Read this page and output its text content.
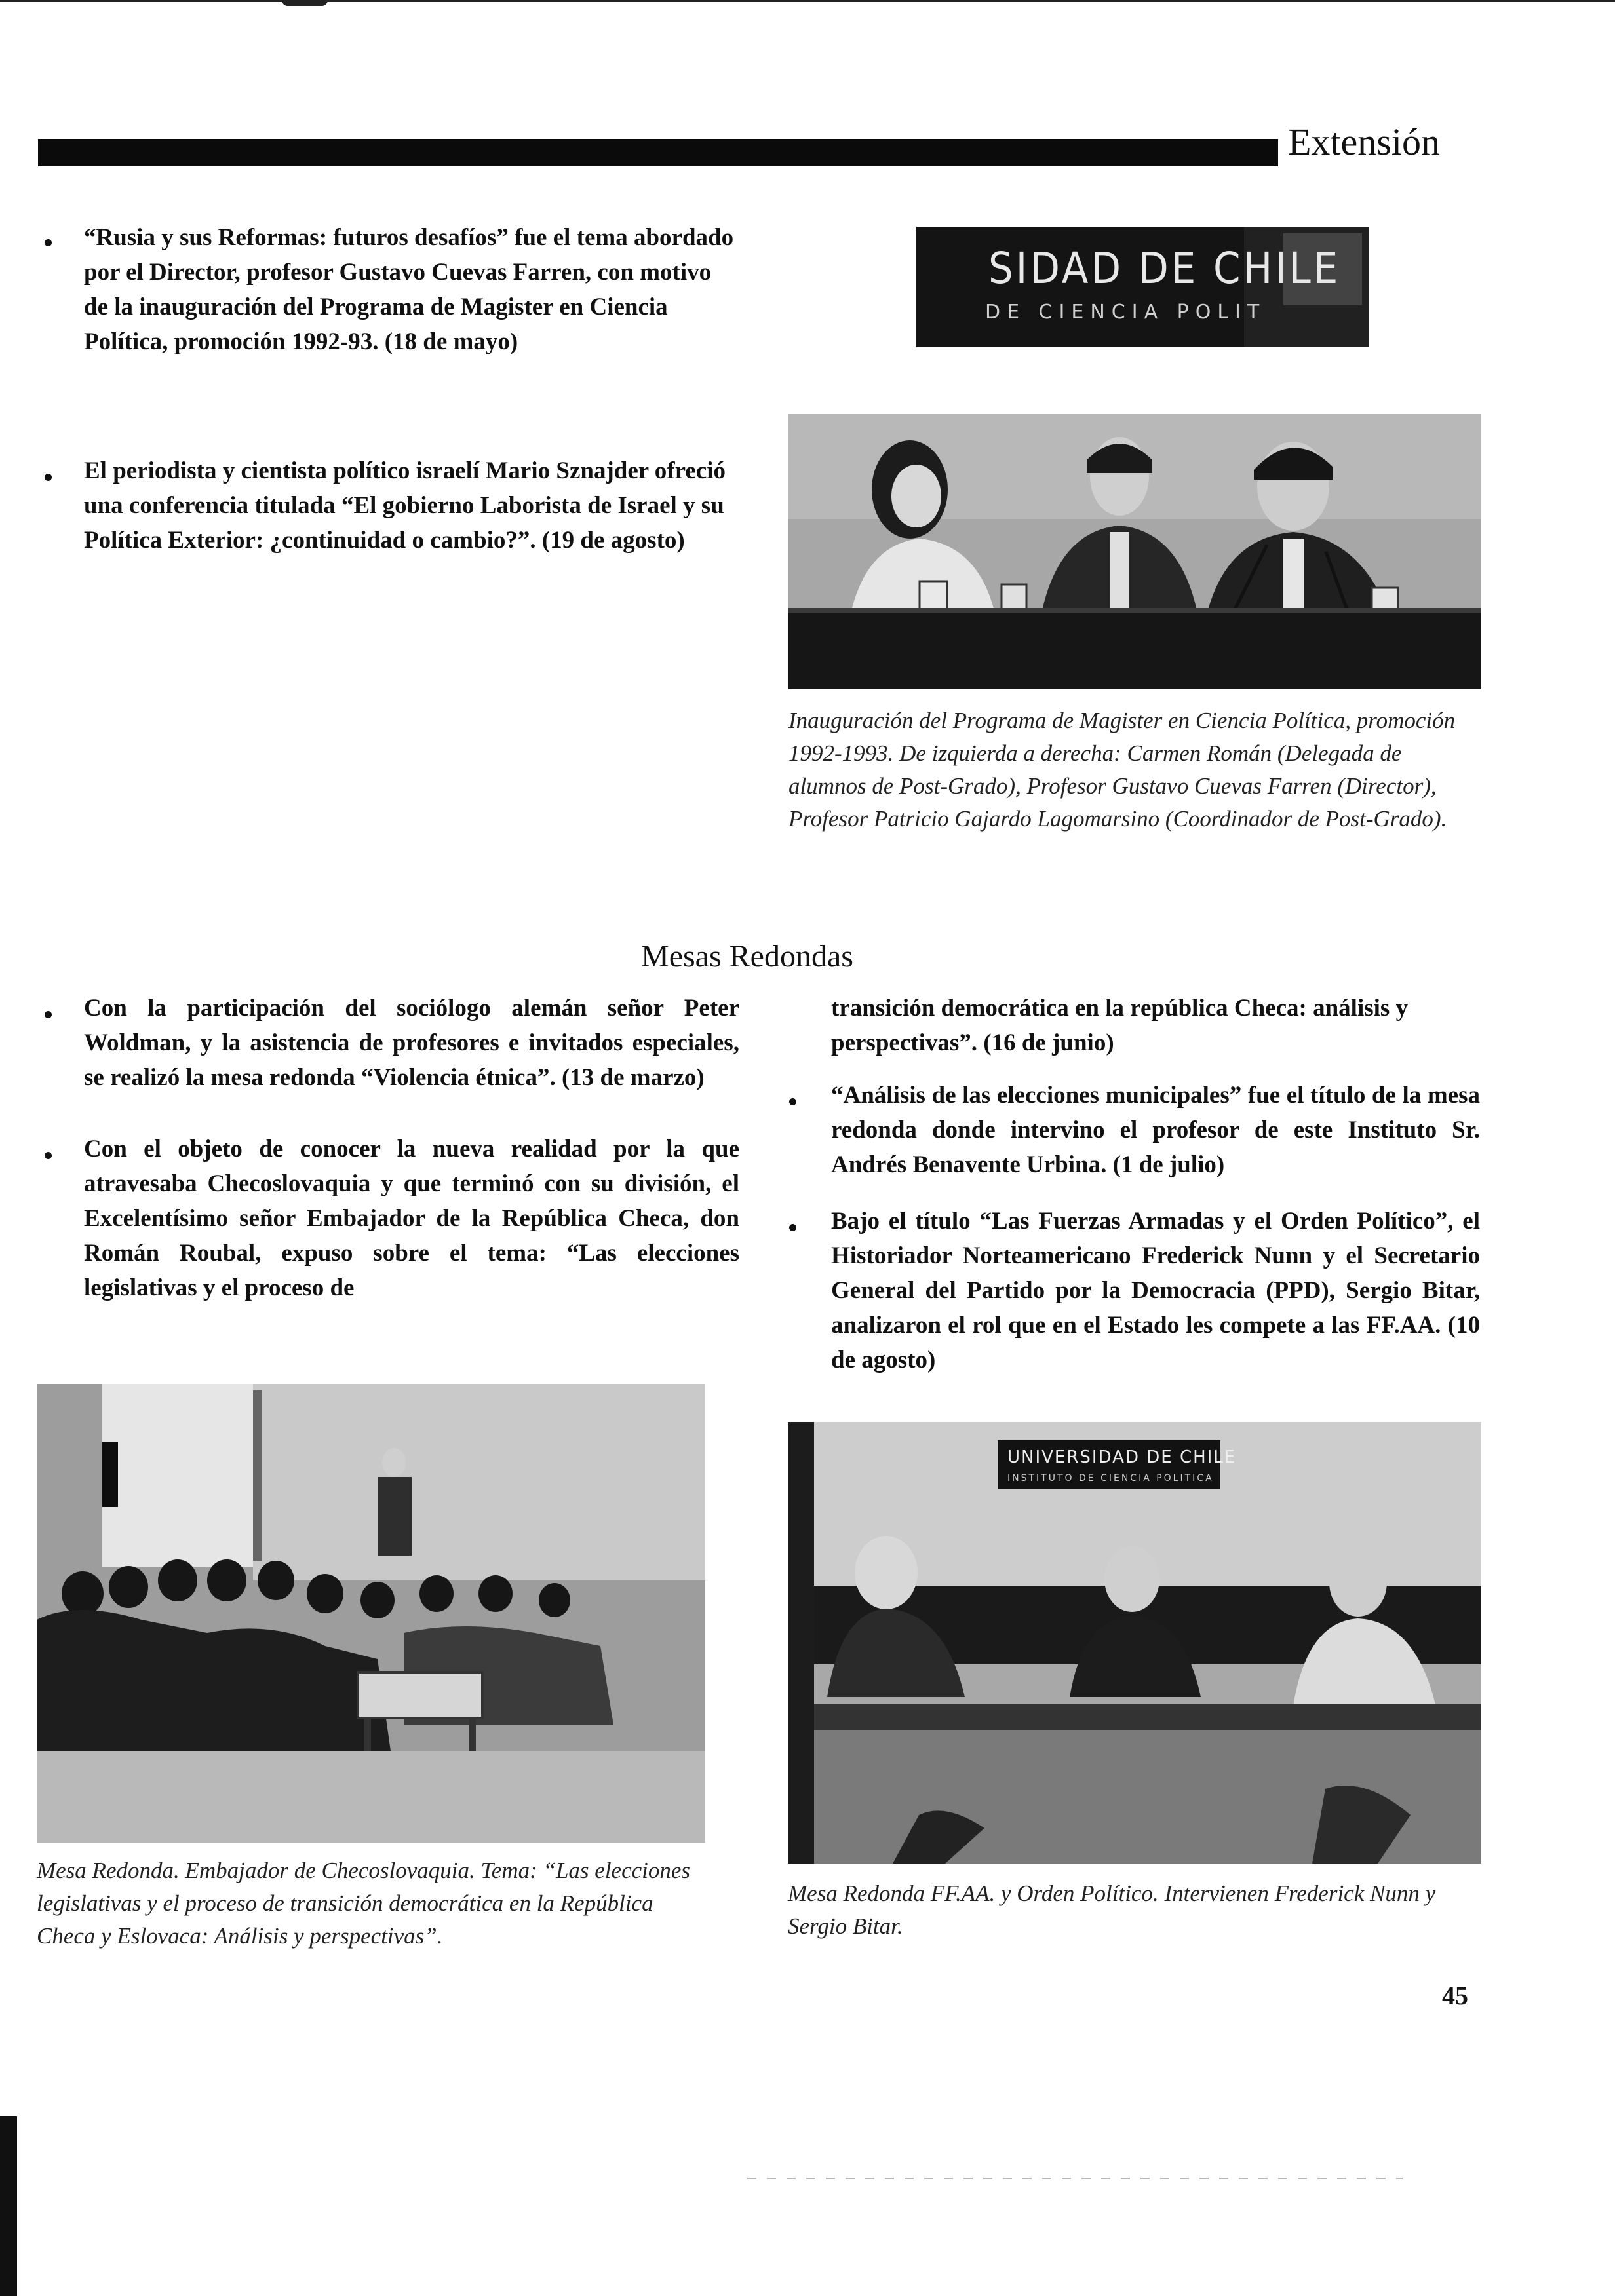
Extensión

“Rusia y sus Reformas: futuros desafíos” fue el tema abordado por el Director, profesor Gustavo Cuevas Farren, con motivo de la inauguración del Programa de Magister en Ciencia Política, promoción 1992-93. (18 de mayo)

SIDAD DE CHILE
DE CIENCIA POLIT

El periodista y cientista político israelí Mario Sznajder ofreció una conferencia titulada “El gobierno Laborista de Israel y su Política Exterior: ¿continuidad o cambio?”. (19 de agosto)

Inauguración del Programa de Magister en Ciencia Política, promoción 1992-1993. De izquierda a derecha: Carmen Román (Delegada de alumnos de Post-Grado), Profesor Gustavo Cuevas Farren (Director), Profesor Patricio Gajardo Lagomarsino (Coordinador de Post-Grado).

Mesas Redondas

Con la participación del sociólogo alemán señor Peter Woldman, y la asistencia de profesores e invitados especiales, se realizó la mesa redonda “Violencia étnica”. (13 de marzo)

Con el objeto de conocer la nueva realidad por la que atravesaba Checoslovaquia y que terminó con su división, el Excelentísimo señor Embajador de la República Checa, don Román Roubal, expuso sobre el tema: “Las elecciones legislativas y el proceso de

transición democrática en la república Checa: análisis y perspectivas”. (16 de junio)

“Análisis de las elecciones municipales” fue el título de la mesa redonda donde intervino el profesor de este Instituto Sr. Andrés Benavente Urbina. (1 de julio)

Bajo el título “Las Fuerzas Armadas y el Orden Político”, el Historiador Norteamericano Frederick Nunn y el Secretario General del Partido por la Democracia (PPD), Sergio Bitar, analizaron el rol que en el Estado les compete a las FF.AA. (10 de agosto)

Mesa Redonda. Embajador de Checoslovaquia. Tema: “Las elecciones legislativas y el proceso de transición democrática en la República Checa y Eslovaca: Análisis y perspectivas”.

UNIVERSIDAD DE CHILE
INSTITUTO DE CIENCIA POLITICA

Mesa Redonda FF.AA. y Orden Político. Intervienen Frederick Nunn y Sergio Bitar.

45
